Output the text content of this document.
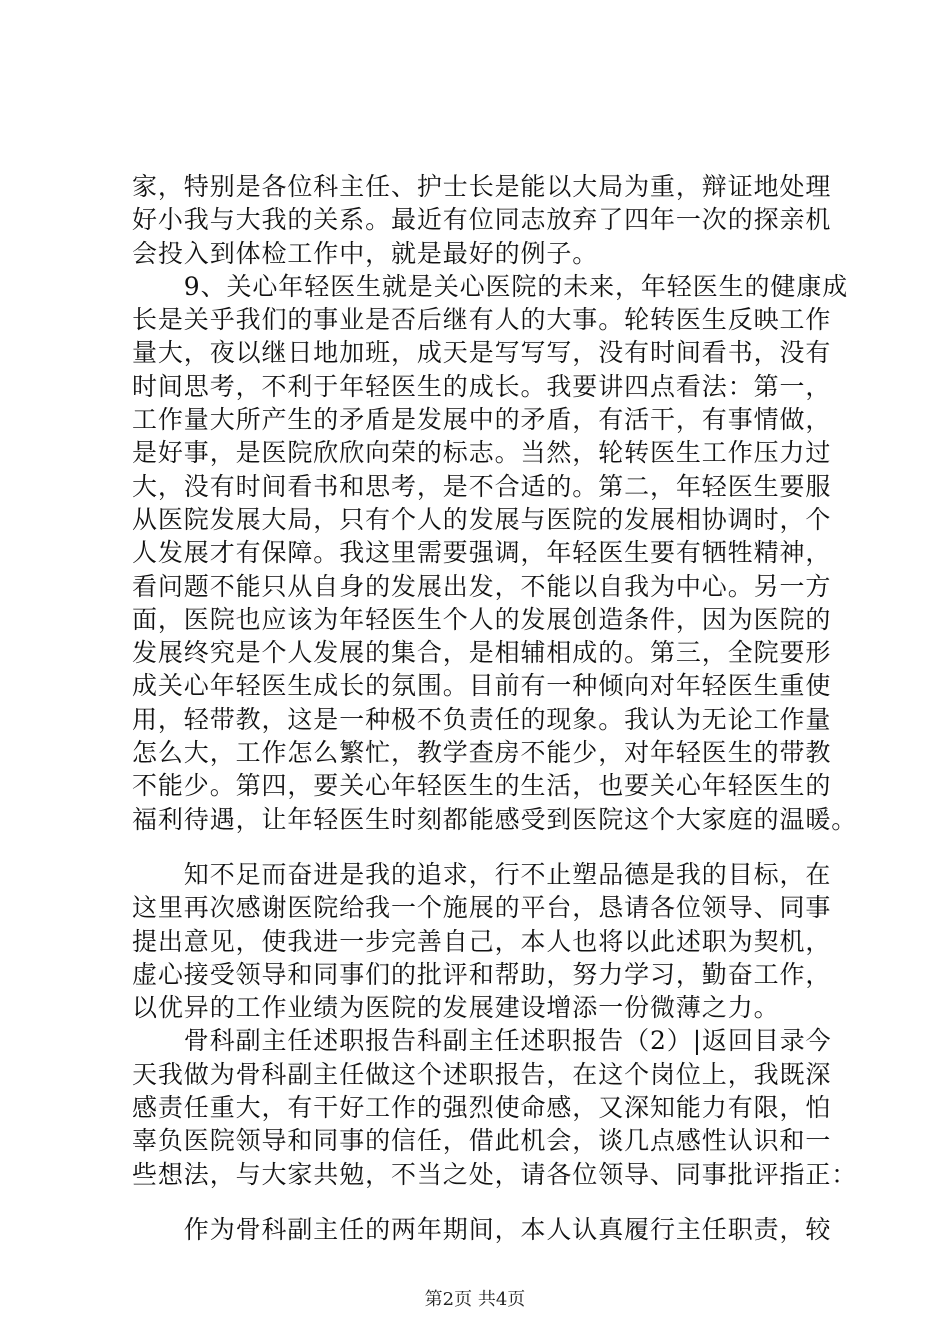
家，特别是各位科主任、护士长是能以大局为重，辩证地处理
好小我与大我的关系。最近有位同志放弃了四年一次的探亲机
会投入到体检工作中，就是最好的例子。
　　9、关心年轻医生就是关心医院的未来，年轻医生的健康成
长是关乎我们的事业是否后继有人的大事。轮转医生反映工作
量大，夜以继日地加班，成天是写写写，没有时间看书，没有
时间思考，不利于年轻医生的成长。我要讲四点看法：第一，
工作量大所产生的矛盾是发展中的矛盾，有活干，有事情做，
是好事，是医院欣欣向荣的标志。当然，轮转医生工作压力过
大，没有时间看书和思考，是不合适的。第二，年轻医生要服
从医院发展大局，只有个人的发展与医院的发展相协调时，个
人发展才有保障。我这里需要强调，年轻医生要有牺牲精神，
看问题不能只从自身的发展出发，不能以自我为中心。另一方
面，医院也应该为年轻医生个人的发展创造条件，因为医院的
发展终究是个人发展的集合，是相辅相成的。第三，全院要形
成关心年轻医生成长的氛围。目前有一种倾向对年轻医生重使
用，轻带教，这是一种极不负责任的现象。我认为无论工作量
怎么大，工作怎么繁忙，教学查房不能少，对年轻医生的带教
不能少。第四，要关心年轻医生的生活，也要关心年轻医生的
福利待遇，让年轻医生时刻都能感受到医院这个大家庭的温暖。
　　知不足而奋进是我的追求，行不止塑品德是我的目标，在
这里再次感谢医院给我一个施展的平台，恳请各位领导、同事
提出意见，使我进一步完善自己，本人也将以此述职为契机，
虚心接受领导和同事们的批评和帮助，努力学习，勤奋工作，
以优异的工作业绩为医院的发展建设增添一份微薄之力。
　　骨科副主任述职报告科副主任述职报告（2）|返回目录今
天我做为骨科副主任做这个述职报告，在这个岗位上，我既深
感责任重大，有干好工作的强烈使命感，又深知能力有限，怕
辜负医院领导和同事的信任，借此机会，谈几点感性认识和一
些想法，与大家共勉，不当之处，请各位领导、同事批评指正：
　　作为骨科副主任的两年期间，本人认真履行主任职责，较
第2页 共4页
